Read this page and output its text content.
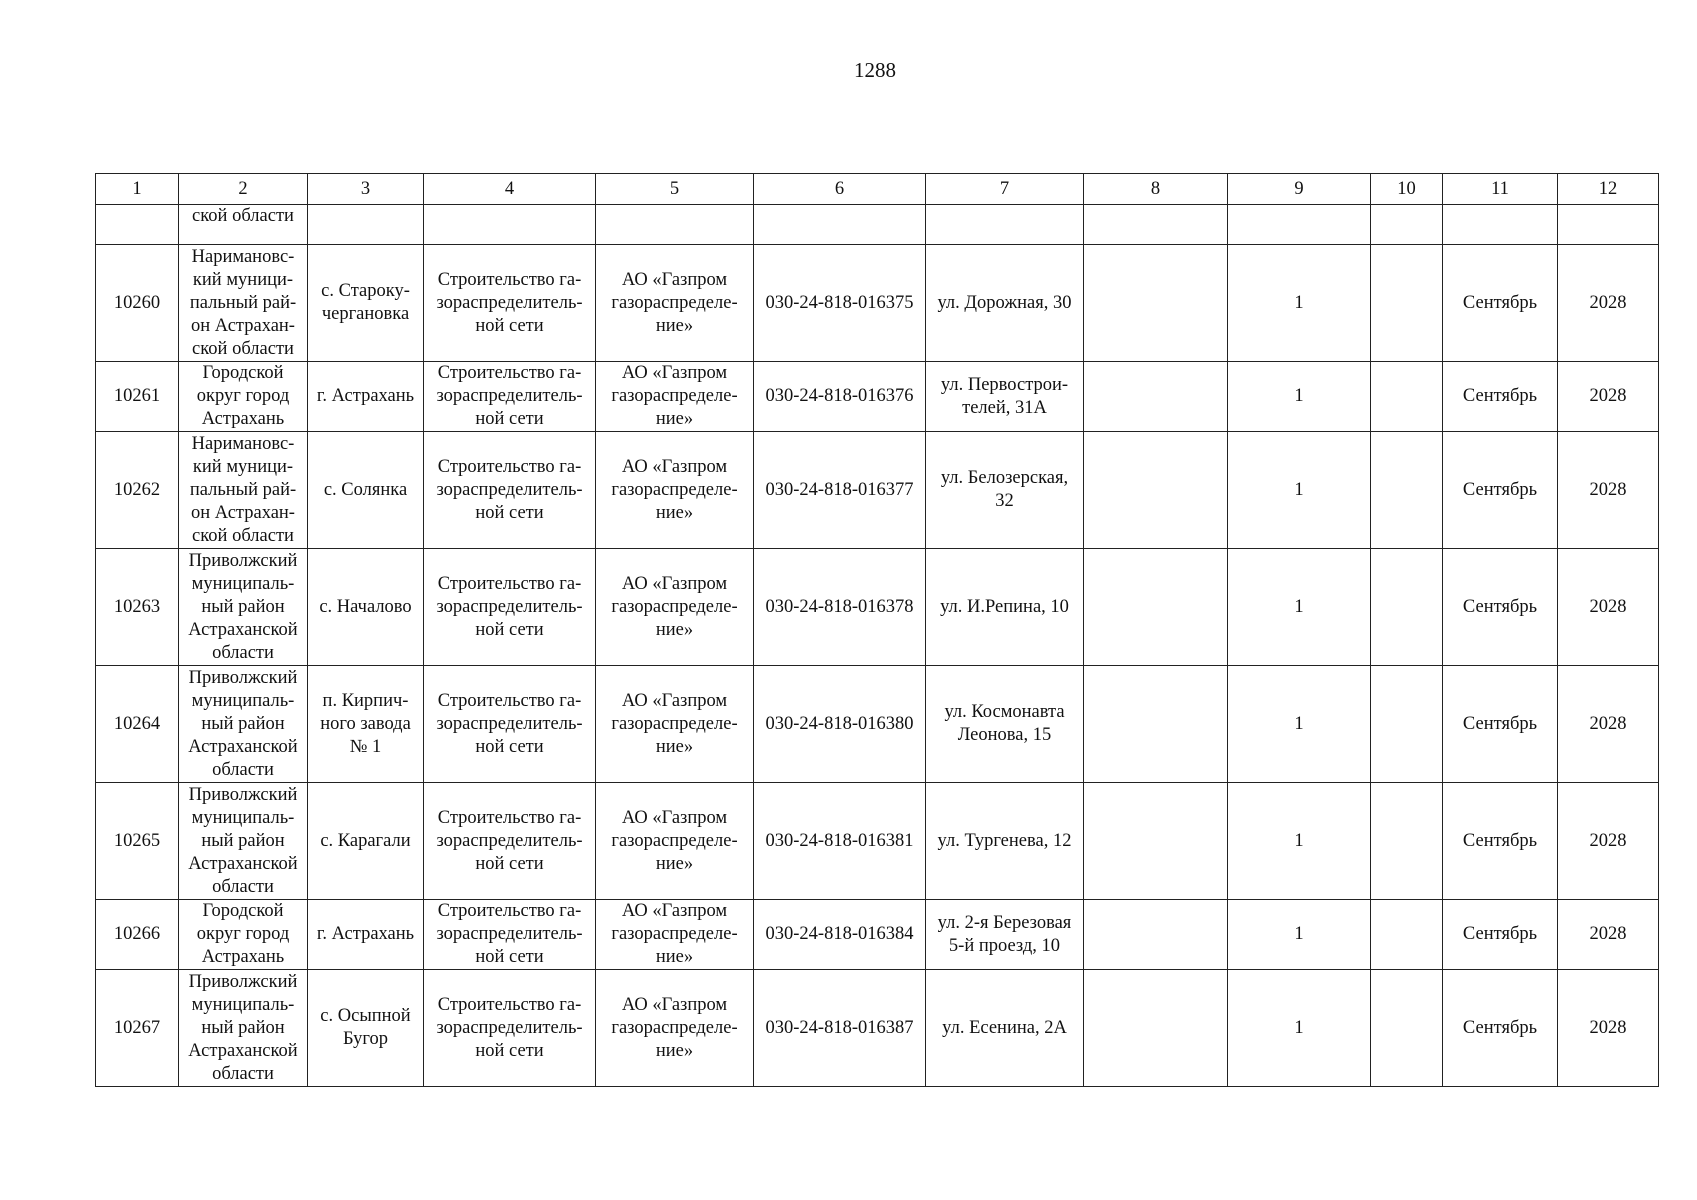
1288
1	2	3	4	5	6	7	8	9	10	11	12
	ской области										
10260	Наримановс-
кий муници-
пальный рай-
он Астрахан-
ской области	с. Староку-
чергановка	Строительство га-
зораспределитель-
ной сети	АО «Газпром
газораспределе-
ние»	030-24-818-016375	ул. Дорожная, 30		1		Сентябрь	2028
10261	Городской
округ город
Астрахань	г. Астрахань	Строительство га-
зораспределитель-
ной сети	АО «Газпром
газораспределе-
ние»	030-24-818-016376	ул. Первострои-
телей, 31А		1		Сентябрь	2028
10262	Наримановс-
кий муници-
пальный рай-
он Астрахан-
ской области	с. Солянка	Строительство га-
зораспределитель-
ной сети	АО «Газпром
газораспределе-
ние»	030-24-818-016377	ул. Белозерская,
32		1		Сентябрь	2028
10263	Приволжский
муниципаль-
ный район
Астраханской
области	с. Началово	Строительство га-
зораспределитель-
ной сети	АО «Газпром
газораспределе-
ние»	030-24-818-016378	ул. И.Репина, 10		1		Сентябрь	2028
10264	Приволжский
муниципаль-
ный район
Астраханской
области	п. Кирпич-
ного завода
№ 1	Строительство га-
зораспределитель-
ной сети	АО «Газпром
газораспределе-
ние»	030-24-818-016380	ул. Космонавта
Леонова, 15		1		Сентябрь	2028
10265	Приволжский
муниципаль-
ный район
Астраханской
области	с. Карагали	Строительство га-
зораспределитель-
ной сети	АО «Газпром
газораспределе-
ние»	030-24-818-016381	ул. Тургенева, 12		1		Сентябрь	2028
10266	Городской
округ город
Астрахань	г. Астрахань	Строительство га-
зораспределитель-
ной сети	АО «Газпром
газораспределе-
ние»	030-24-818-016384	ул. 2-я Березовая
5-й проезд, 10		1		Сентябрь	2028
10267	Приволжский
муниципаль-
ный район
Астраханской
области	с. Осыпной
Бугор	Строительство га-
зораспределитель-
ной сети	АО «Газпром
газораспределе-
ние»	030-24-818-016387	ул. Есенина, 2А		1		Сентябрь	2028
